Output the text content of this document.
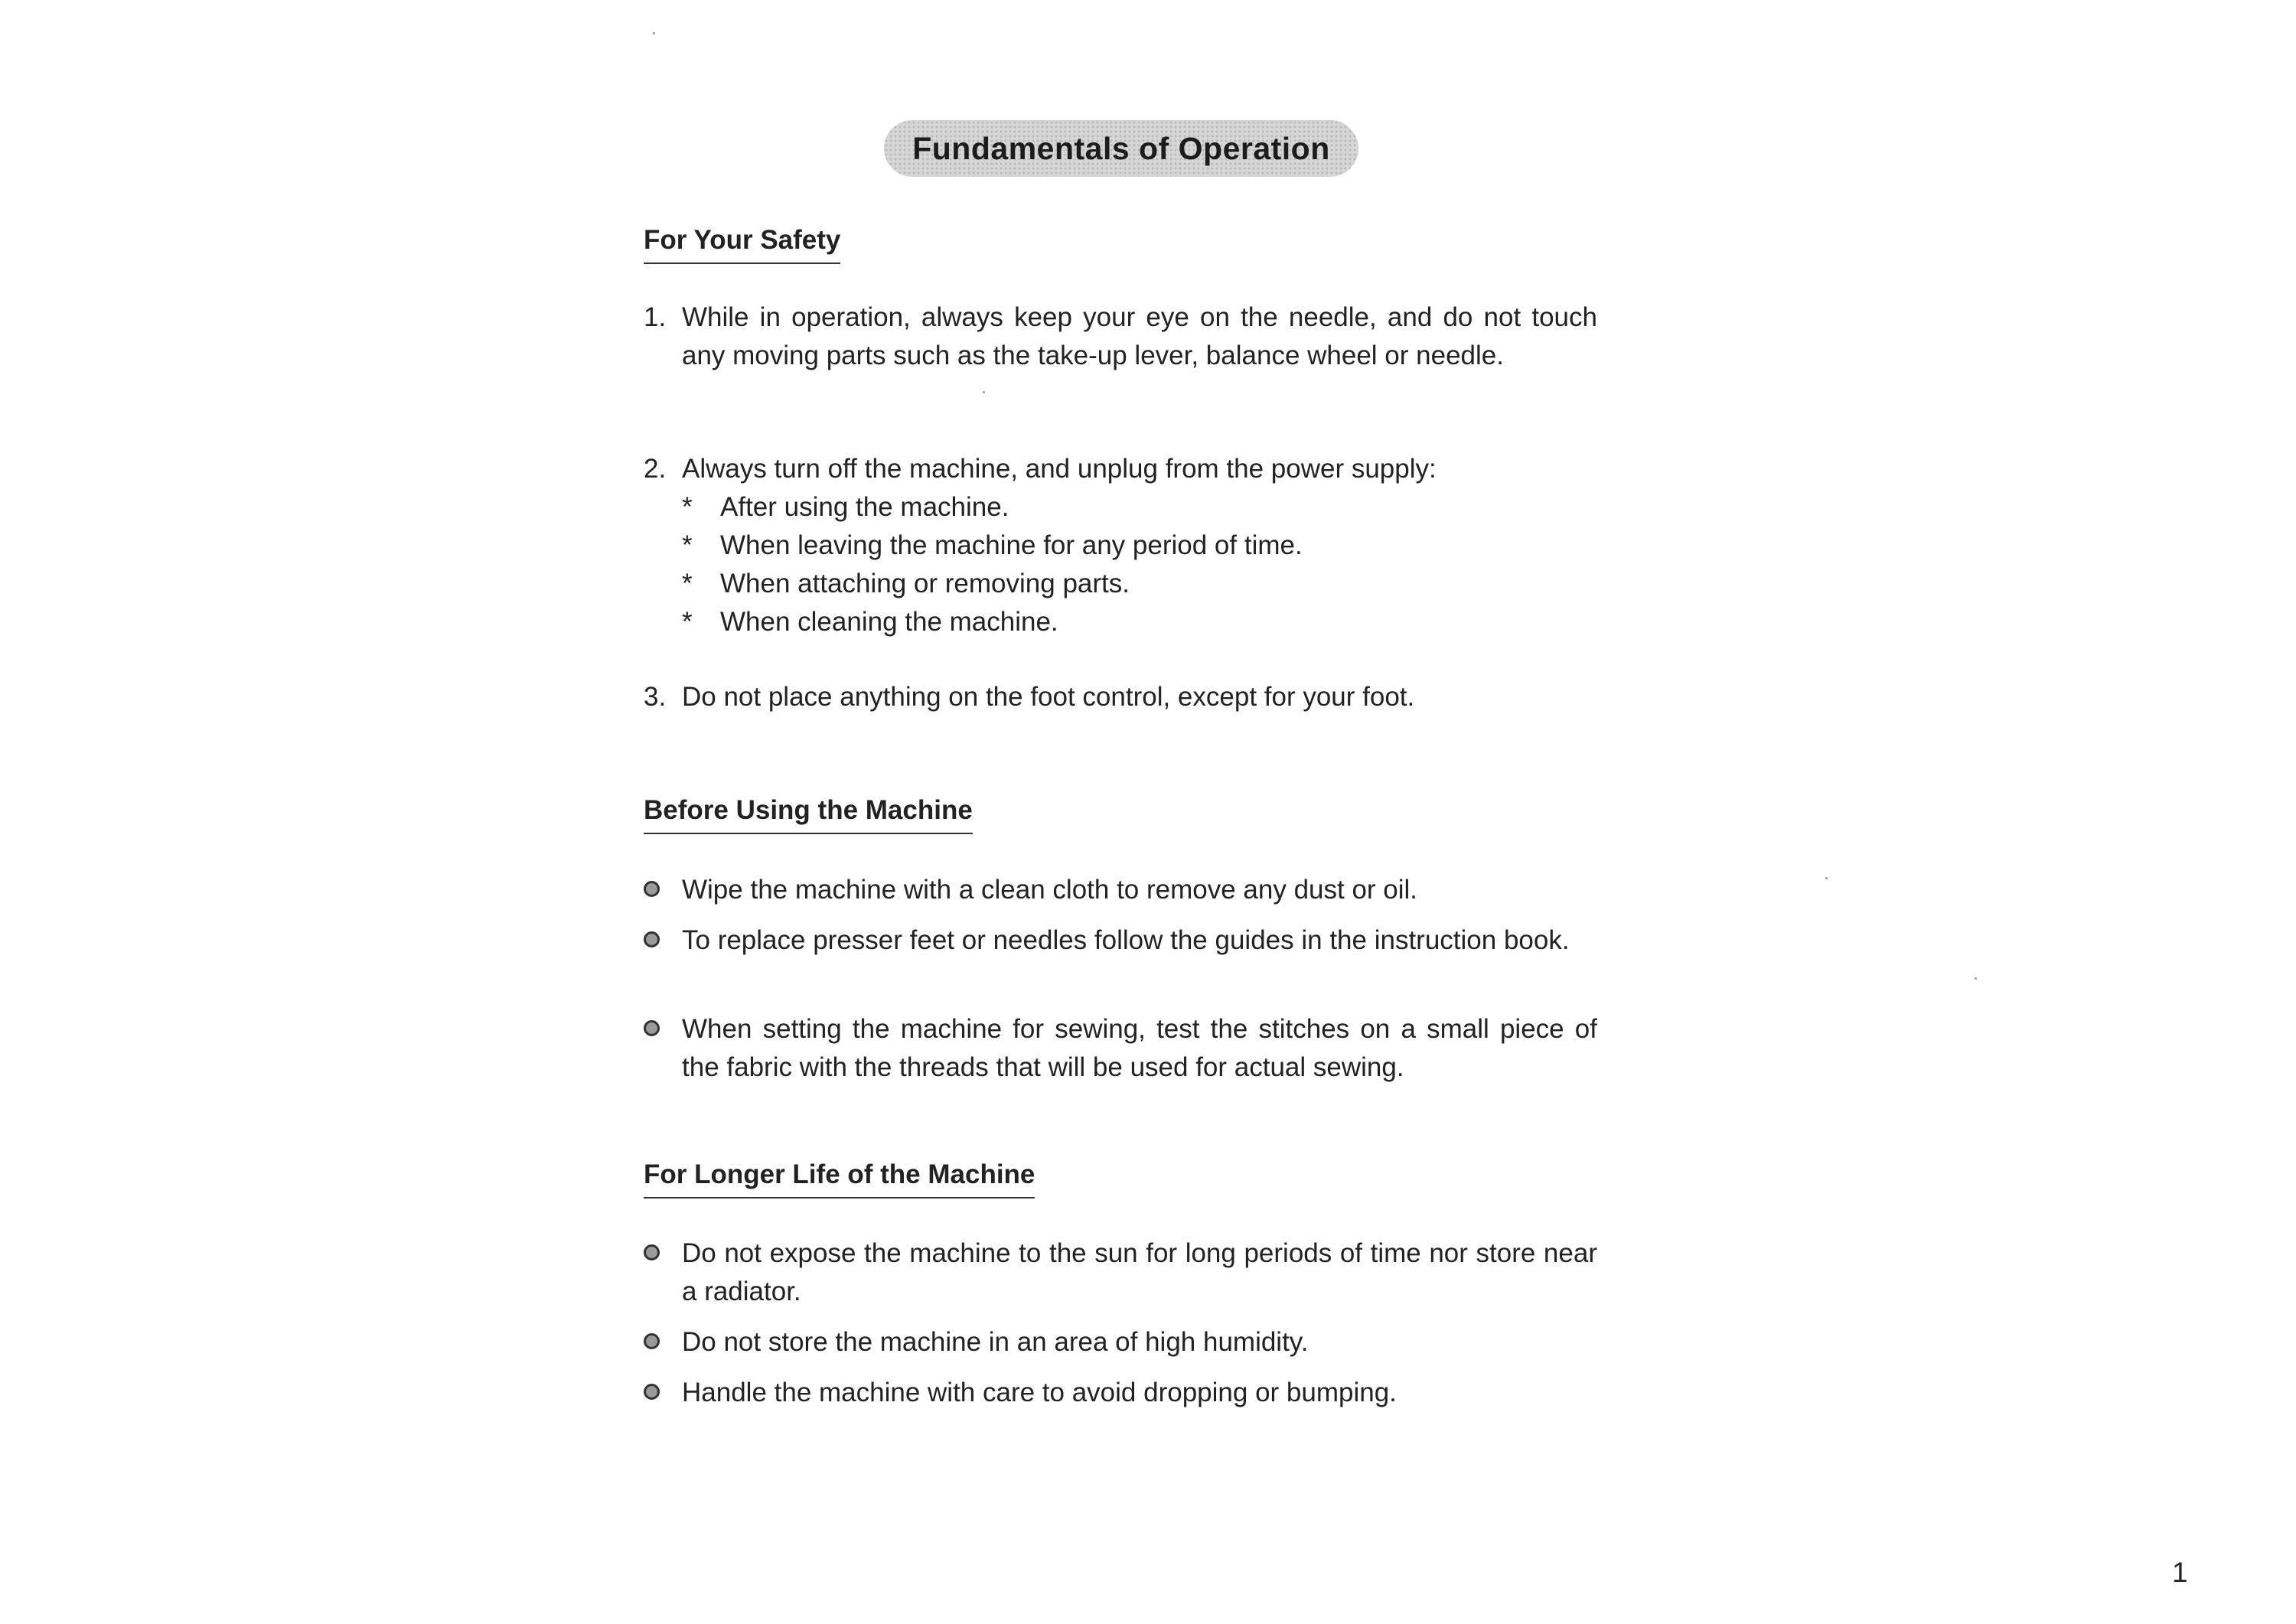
Fundamentals of Operation
For Your Safety
1. While in operation, always keep your eye on the needle, and do not touch any moving parts such as the take-up lever, balance wheel or needle.
2. Always turn off the machine, and unplug from the power supply:
* After using the machine.
* When leaving the machine for any period of time.
* When attaching or removing parts.
* When cleaning the machine.
3. Do not place anything on the foot control, except for your foot.
Before Using the Machine
Wipe the machine with a clean cloth to remove any dust or oil.
To replace presser feet or needles follow the guides in the instruction book.
When setting the machine for sewing, test the stitches on a small piece of the fabric with the threads that will be used for actual sewing.
For Longer Life of the Machine
Do not expose the machine to the sun for long periods of time nor store near a radiator.
Do not store the machine in an area of high humidity.
Handle the machine with care to avoid dropping or bumping.
1
